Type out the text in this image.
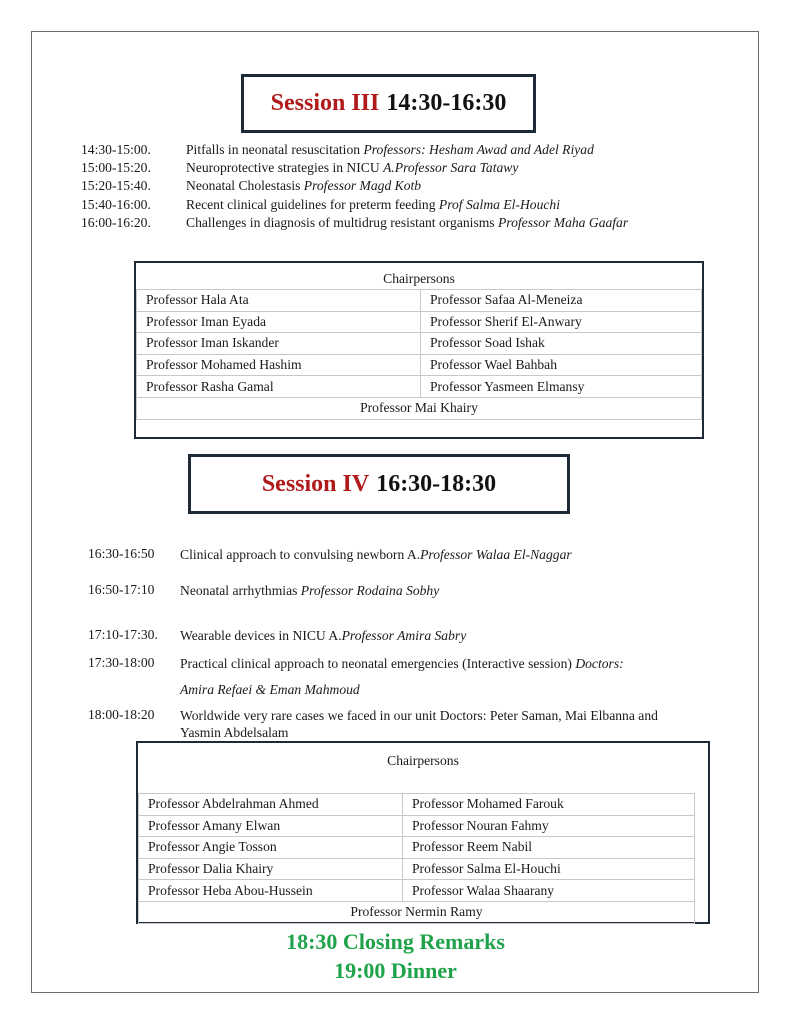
Session III 14:30-16:30
14:30-15:00.	Pitfalls in neonatal resuscitation Professors: Hesham Awad and Adel Riyad
15:00-15:20.	Neuroprotective strategies in NICU A.Professor Sara Tatawy
15:20-15:40.	Neonatal Cholestasis Professor Magd Kotb
15:40-16:00.	Recent clinical guidelines for preterm feeding Prof Salma El-Houchi
16:00-16:20.	Challenges in diagnosis of multidrug resistant organisms Professor Maha Gaafar
Chairpersons
Professor Hala Ata	Professor Safaa Al-Meneiza
Professor Iman Eyada	Professor Sherif El-Anwary
Professor Iman Iskander	Professor Soad Ishak
Professor Mohamed Hashim	Professor Wael Bahbah
Professor Rasha Gamal	Professor Yasmeen Elmansy
Professor Mai Khairy	
Session IV 16:30-18:30
16:30-16:50	Clinical approach to convulsing newborn A.Professor Walaa El-Naggar
16:50-17:10	Neonatal arrhythmias Professor Rodaina Sobhy
17:10-17:30.	Wearable devices in NICU A.Professor Amira Sabry
17:30-18:00	Practical clinical approach to neonatal emergencies (Interactive session) Doctors:
Amira Refaei & Eman Mahmoud
18:00-18:20	Worldwide very rare cases we faced in our unit Doctors: Peter Saman, Mai Elbanna and Yasmin Abdelsalam
Chairpersons
Professor Abdelrahman Ahmed	Professor Mohamed Farouk
Professor Amany Elwan	Professor Nouran Fahmy
Professor Angie Tosson	Professor Reem Nabil
Professor Dalia Khairy	Professor Salma El-Houchi
Professor Heba Abou-Hussein	Professor Walaa Shaarany
Professor Nermin Ramy	
18:30 Closing Remarks
19:00 Dinner
